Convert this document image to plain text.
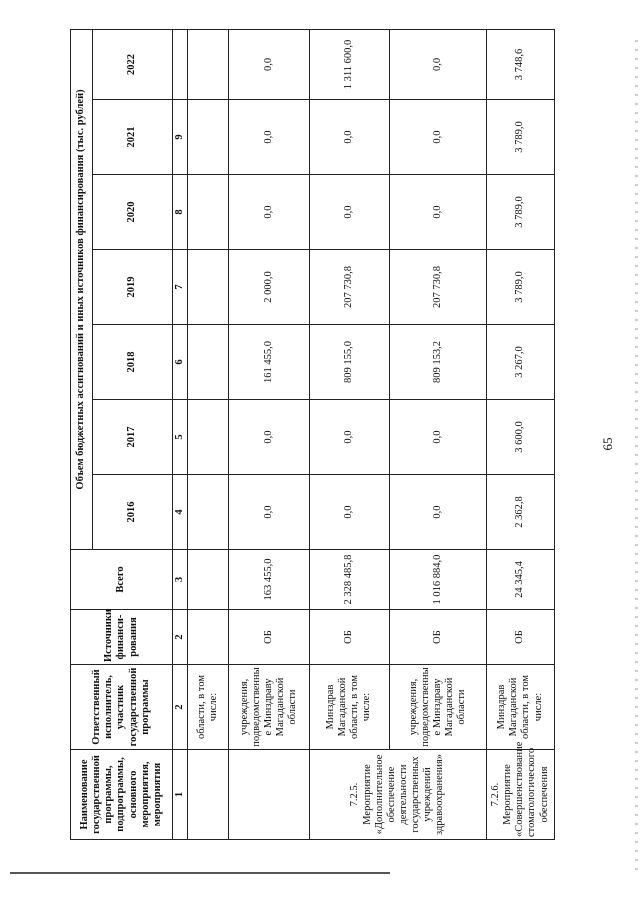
65
Наименование государственной программы, подпрограммы, основного мероприятия, мероприятия	Ответственный исполнитель, участник государственной программы	Источники финанси-рования	Всего	Объем бюджетных ассигнований и иных источников финансирования (тыс. рублей)						
				2016	2017	2018	2019	2020	2021	2022
1	2	2	3	4	5	6	7	8	9	
	области, в том числе:									
	учреждения, подведомственны е Минздраву Магаданской области	ОБ	163 455,0	0,0	0,0	161 455,0	2 000,0	0,0	0,0	0,0
7.2.5. Мероприятие «Дополнительное обеспечение деятельности государственных учреждений здравоохранения»	Минздрав Магаданской области, в том числе:	ОБ	2 328 485,8	0,0	0,0	809 155,0	207 730,8	0,0	0,0	1 311 600,0
	учреждения, подведомственны е Минздраву Магаданской области	ОБ	1 016 884,0	0,0	0,0	809 153,2	207 730,8	0,0	0,0	0,0
7.2.6. Мероприятие «Совершенствование стоматологического обеспечения	Минздрав Магаданской области, в том числе:	ОБ	24 345,4	2 362,8	3 600,0	3 267,0	3 789,0	3 789,0	3 789,0	3 748,6
